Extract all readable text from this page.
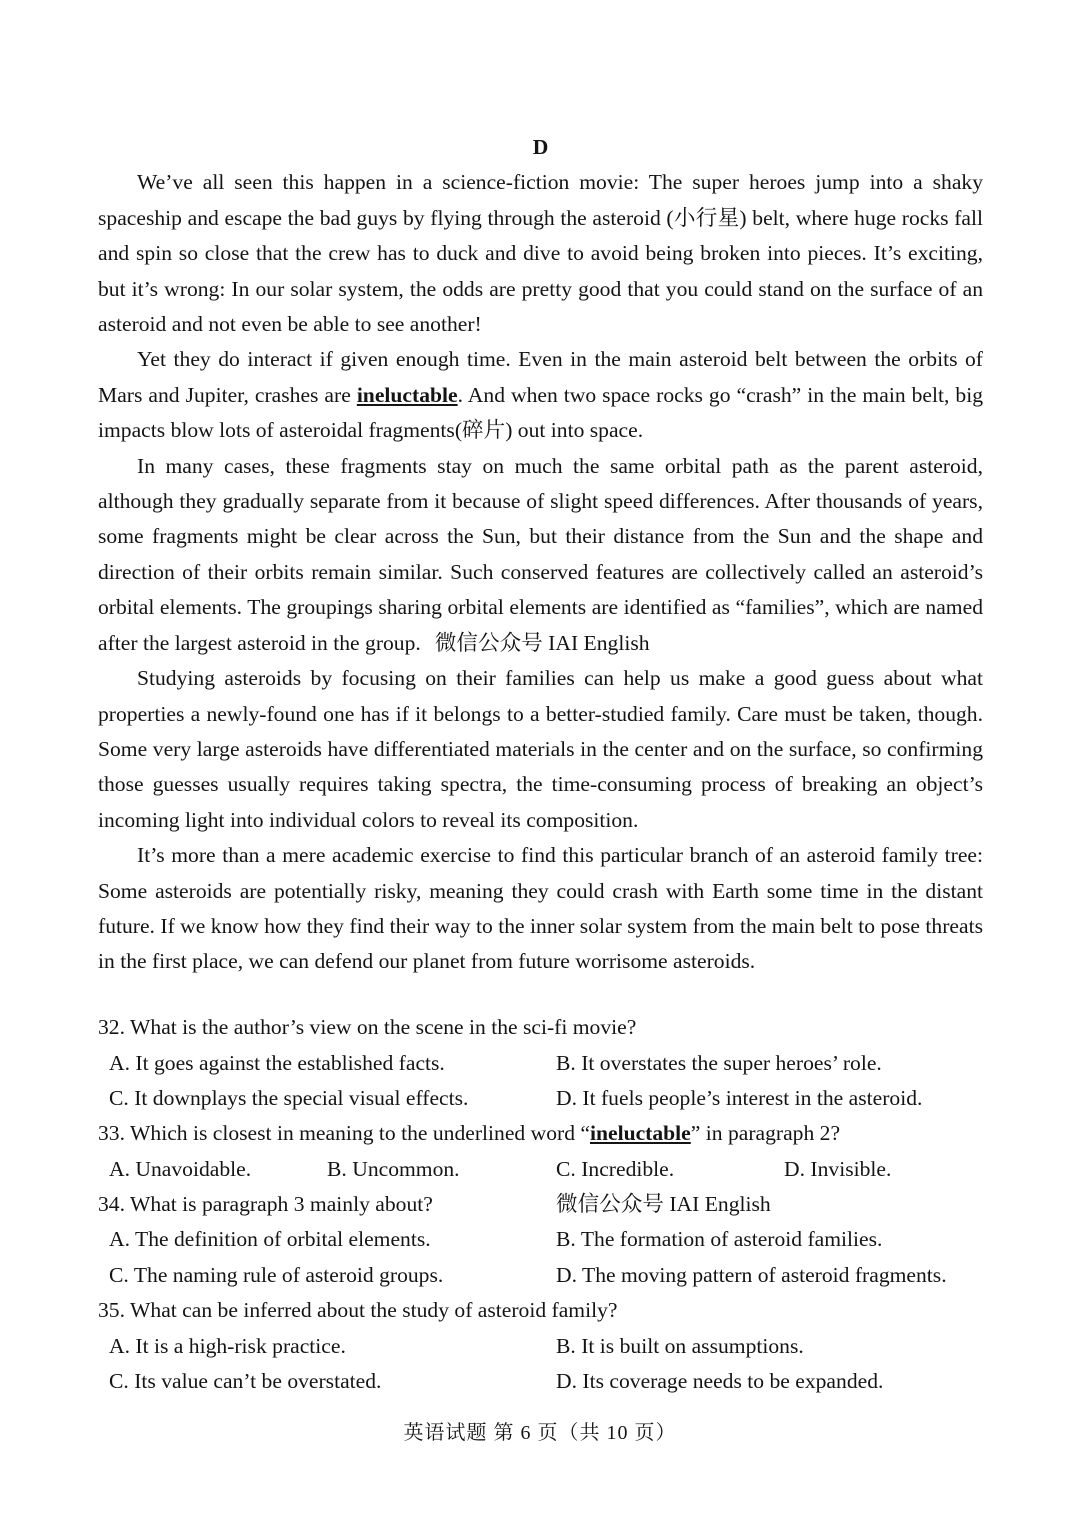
D

We’ve all seen this happen in a science-fiction movie: The super heroes jump into a shaky spaceship and escape the bad guys by flying through the asteroid (小行星) belt, where huge rocks fall and spin so close that the crew has to duck and dive to avoid being broken into pieces. It’s exciting, but it’s wrong: In our solar system, the odds are pretty good that you could stand on the surface of an asteroid and not even be able to see another!

Yet they do interact if given enough time. Even in the main asteroid belt between the orbits of Mars and Jupiter, crashes are ineluctable. And when two space rocks go “crash” in the main belt, big impacts blow lots of asteroidal fragments(碎片) out into space.

In many cases, these fragments stay on much the same orbital path as the parent asteroid, although they gradually separate from it because of slight speed differences. After thousands of years, some fragments might be clear across the Sun, but their distance from the Sun and the shape and direction of their orbits remain similar. Such conserved features are collectively called an asteroid’s orbital elements. The groupings sharing orbital elements are identified as “families”, which are named after the largest asteroid in the group. 微信公众号 IAI English

Studying asteroids by focusing on their families can help us make a good guess about what properties a newly-found one has if it belongs to a better-studied family. Care must be taken, though. Some very large asteroids have differentiated materials in the center and on the surface, so confirming those guesses usually requires taking spectra, the time-consuming process of breaking an object’s incoming light into individual colors to reveal its composition.

It’s more than a mere academic exercise to find this particular branch of an asteroid family tree: Some asteroids are potentially risky, meaning they could crash with Earth some time in the distant future. If we know how they find their way to the inner solar system from the main belt to pose threats in the first place, we can defend our planet from future worrisome asteroids.

32. What is the author’s view on the scene in the sci-fi movie?
A. It goes against the established facts.	B. It overstates the super heroes’ role.
C. It downplays the special visual effects.	D. It fuels people’s interest in the asteroid.
33. Which is closest in meaning to the underlined word “ineluctable” in paragraph 2?
A. Unavoidable.	B. Uncommon.	C. Incredible.	D. Invisible.
34. What is paragraph 3 mainly about?	微信公众号 IAI English
A. The definition of orbital elements.	B. The formation of asteroid families.
C. The naming rule of asteroid groups.	D. The moving pattern of asteroid fragments.
35. What can be inferred about the study of asteroid family?
A. It is a high-risk practice.	B. It is built on assumptions.
C. Its value can’t be overstated.	D. Its coverage needs to be expanded.
英语试题 第 6 页（共 10 页）
